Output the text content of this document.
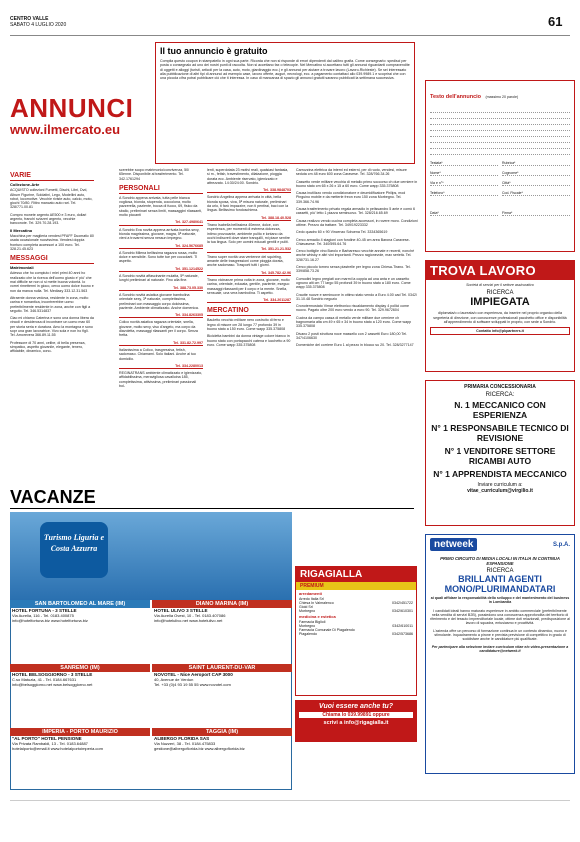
CENTRO VALLE
SABATO 4 LUGLIO 2020	61
Il tuo annuncio è gratuito
Compila questo coupon in stampatello in ogni sua parte. Ricorda che non si risponde di errori dipendenti dal calibro grafia. Come consegnarlo: spedisci per posta o consegnalo ad uno dei nostri punti di raccolta. Non si accettano fax o telecopie. Nel Mercatino si accettano tutti gli annunci riguardanti compravendite di oggetti e alloggi (turisti, articoli per la casa, auto, moto, giardinaggio ecc.) e gli annunci per aiutare a trovare lavoro (Lavoro-Richieste). Se sei interessato alla pubblicazione di altri tipi di annunci ad esempio case, lavoro offerte, auguri, necrologi, ecc. a pagamento contattaci allo 039.9989.1 e scoprirai che con una piccola cifra potrai pubblicare ciò che ti interessa. In caso di mancanza di spazio gli annunci gratuiti saranno pubblicati la settimana successiva.
ANNUNCI
www.ilmercato.eu
Testo dell'annuncio (massimo 20 parole)
Testata*	Rubrica*
Nome*	Cognome*
Via e n°*	Città*
Telefono*	Cod. Fiscale*
Data*	Firma*
VARIE
Collezione-Arte

ACQUISTO collezioni Fumetti, Dischi, Libri, Dvd, Album Figurine, Soldatini, Lego, Modellini auto, robot, locomotive. Vecchie riviste auto, calcio, moto, giochi 70/80. Ritiro mancato auto rari. Tel. 328/771.00.81

Compro monete argento AE500 e 3 euro, dollari argento, franchi svizzeri argento, vecchie banconote. Tel. 329.70.28.193.

Il Mercatino

Macchina per maglieria vendesi PFAFF Duomatic 80 usata occasionale nuovissima. Vendesi doppia fronturo completa accessori a 100 euro. Tel. 328.21.45.623

MESSAGGI
Matrimoniali

Adesso che ho compiuto i miei primi 40 anni ho realizzato che la ricerca dell'uomo giusto e' più' che mai difficile se non ci si mette buona volontà. Io vorrei rimettermi in gioco, cerco uomo dolce buono e non da manca nulla. Tel. Mediazy 333.12.31.563

Attraente donna vedova, residente in zona, molto carina e romantica, incontrerebbe uomo preferibilmente residente in zona, anche con figli a seguito. Tel. 346.5314837

Ciao mi chiamo Caterina e sono una donna libera da vincoli e desiderosa di incontrare un uomo max 60 per storia seria e duratura. Amo la montagna e sono sopr una gran lavoratrice. Vivo sola e non ho figli. Tel. Amorevera 366.89.11.55

Professore di 70 anni, celibe, di bella presenza, simpatico, aspetto giovanile, elegante, tenero, affidabile, dinamico, cono-

scerebbe scopo matrimonio/convivenza, 50/ 65enne. Disponibile al trasferimento. Tel. 342.1761294

PERSONALI

A Sondrio appena arrivata, tutta pelle bianca vogliosa, bionda, stupenda, coccolona, molto pazzerella, paziente, bocca di fuoco, 69, fisico da sballo, preliminari senza limiti, massaggini rilassanti, molto piccanti

Tel. 327.4980641

A Sondrio Eva novita appena arrivata bomba sexy, bionda magrissima, giovane, magra, 5ª naturale, vieni a trovarmi senza nessun impegno.

Tel. 324.5676685

A Sondrio Milena bellissima ragazza russa, molto dolce e sensibile. Sono tutte tue per coccolarti. Ti aspetto.

Tel. 351.1214522

A Sondrio novità affascinante mulatta, 5ª naturale, lunghi preliminari al naturale. Fino alla fine.

Tel. 388.73.05.330

A Sondrio novità asiatica giovane bambolina orientale sexy, 3ª naturale, completissima, preliminari con massaggio corpo dolcissima, paziente. Ambiente climatizzato. Anche domenica.

Tel. 334.8263305

Colico novità asiatica ragazza orientale, snella, giovane, molto sexy, viso d'angelo, ma corpo da diavoletta, massaggi rilassanti per il corpo. Senza fretta.

Tel. 331.82.72.997

Italianissima a Colico, trasgressiva, fetish, sadomaso. Chiamami. Solo italiani. Anche al tuo domicilio.

Tel. 334.2280013

REGINATRANS ambiente climatizzato e igienizzato, affidabilissima, meravigliosa cavalloina 185, completissima, attivissima, preliminari passionali bol-

lenti, superdotata 23 motivi reali, qualsiasi fantasia, sì m., fetish, travestimento, dilatazione, pioggia dorata ecc. Ambiente riservato, igienizzato e attrezzato. 14:30/24:00. Sondrio.

Tel. 338.9848703

Sondrio Angelina appena arrivata in città, bella bionda sposa, viva, 5ª misura naturale, preliminari da urlo, ti farò impazzire, non ti pentirai, baci con la lingua. Bellissimo fondoschiena.

Tel. 388.18.40.528

Tirano Isabella bellissima 40enne, dolce, con esperienza, per momenti di estrema dolcezza, intimo provocante, ambiente pulito e lontano da occhi indiscreti dove stare tranquilli, mi piace sentire la tua lingua. Solo per uomini educati gentili e puliti.

Tel. 351.21.21.532

Tirano super novità una ventenne del squirting, amante delle trasgressioni come pioggia dorata, anche sadomaso. Trasporti tutti i giorni.

Tel. 345.782.42.96

Tirano vicinanze prima volta in zona, giovane, molto carina, orientale, educata, gentile, paziente, eseguo massaggi rilassanti per il corpo e la mente. Snella, sensuale, una vera bambolina. Ti aspetto.

Tel. 334.2011287
MERCATINO

Bauletto vecchio militare nero costruito di ferro e legno di misure cm 28 lungo 77 profondo 39 in buono stato a 150 euro. Come wapp 335.375808

Bicicletta bambini da donna vintage colore bianco in buono stato con portapacchi catena e lucchetto a 90 euro. Come wapp 335.375808

Carrozzina elettrica da interni ed esterni, per di ruoto, vendesi, misure seduta cm 48 euro 600 zona Caravese. Tel. 328/766.34.26

Cassetto verde militare vecchia di metallo primo soccorso ch due cerniere in buono stato cm 65 x 26 x 15 a 60 euro. Come wapp 335.375808

Causa inutilizzo vendo condizionatore e deumidificatore Philips, mod Pinguino mobile e da metterle freon euro 150 zona Morbegno. Tel. 339.366.74.96

Causa trasferimento privato regala armadio in pelissandro 5 ante e comò 6 cassetti, più' letto 1 piazza seminuovo. Tel. 328/216.65.69

Causa realizzo vendo cucina completa accessori, in rovere moro. Condizioni ottime. Prezzo da trattare. Tel. 349/19223332

Cedo quadro 60 x 90 Vincenzo Sdruena Tel. 3334365619

Cerco armadio 4 stagioni con fondine 40-45 cm area Barona Caravese-Chiavasese. Tel. 340/595.64.76

Cerco bottiglie vino Barolo e Barbaresco vecchie annate e recenti, nonché anche whisky e altri vini importanti. Prezzo ragionevole, max serietà. Tel. 328/731.16.27

Cerco piccolo torneo senza piastrelle per legno zona Chiesa-Tirano. Tel. 339/858.73.26

Comodini legno pregiati con marmi la coppia ad una anta e un cassetto ognuno alti cm 77 largo 55 profondi 39 in buono stato a 180 euro. Come wapp 335.375808

Crautte nuove e seminuove in ottimo stato vendo a Euro 4.00 cad Tel. 0342/ 31.10.48 Sondrio negozio

Cronotermostato Vimar elettronico riscaldamento display 4 pollici come nuovo. Pagato oltre 200 euro vendo a euro 90. Tel. 329.9672604

Cucina da campo cassa di metallo verde militare due cerniere ch bagnomaria alta cm 49 x 65 x 34 in buono stato a 120 euro. Come wapp 335.375808

Divano 2 posti struttura noce massello con 2 cassetti Euro 180,00 Tel. 347/4106630

Domeniche del corriere Euro 1 al pezzo in blocco su 20. Tel. 328/3277147

TROVA LAVORO
Società di servizi per il settore assicurativo
RICERCA
IMPIEGATA
diplomata/o o laureata/o con esperienza, da inserire nel proprio organico della segreteria di direzione, con conoscenze professionali pacchetto office e disponibilità all'apprendimento di software sviluppati in proprio, con sede a Sondrio.
Contatto info@pkpartners.it
PRIMARIA CONCESSIONARIA
RICERCA:
N. 1 MECCANICO CON ESPERIENZA
N° 1 RESPONSABILE TECNICO DI REVISIONE
N° 1 VENDITORE SETTORE RICAMBI AUTO
N° 1 APPRENDISTA MECCANICO
Inviare curriculum a:
vitae_curriculum@virgilio.it
netweek	S.p.A.
PRIMO CIRCUITO DI MEDIA LOCALI IN ITALIA IN CONTINUA ESPANSIONE
RICERCA
BRILLANTI AGENTI MONO/PLURIMANDATARI
ai quali affidare la responsabilità dello sviluppo e del mantenimento del business in Lombardia
I candidati ideali hanno maturato esperienze in ambito commerciale (preferibilmente nella vendita di servizi B2B), possiedono una conoscenza approfondita del territorio di riferimento e del tessuto imprenditoriale locale, ottime doti relazionali, predisposizione al lavoro di squadra, entusiasmo e proattività.
L'azienda offre un percorso di formazione continua in un contesto dinamico, nuovo e stimolante. Inquadramento a pirone e prevista previsione di competitivo in grado di soddisfare anche le candidature più qualificate.
Per partecipare alla selezione inviare curriculum vitae e/o video-presentazione a candidature@netweek.it
VACANZE
Turismo Liguria e Costa Azzurra
SAN BARTOLOMEO AL MARE (IM)
HOTEL FORTUNA - 3 STELLE
Via Aurelia, 116 - Tel. 0183.400875
info@hotelfortuna.biz www.hotelfortuna.biz
DIANO MARINA (IM)
HOTEL ULIVO 3 STELLE
Via Aurelia Ovest, 10 - Tel. 0183.407086
info@hotelulivo.net www.hotelulivo.net
SANREMO (IM)
HOTEL BELSOGGIORNO - 3 STELLE
C.so Matuzia, 41 - Tel. 0184.667631
info@belsoggiorno.net www.belsoggiorno.net
SAINT LAURENT-DU-VAR
NOVOTEL - Nice Aeroport CAP 3000
40, Avenue de Verdun
Tel. +33 (0)4 93 19 55 55 www.novotel.com
IMPERIA - PORTO MAURIZIO
"AL PORTO" HOTEL PENSIONE
Via Privata Rambaldi, 13 - Tel. 0183.64887
hotelalporto@email.it www.hotelalportoimperia.com
TAGGIA (IM)
ALBERGO FLORIDA SAS
Via Nuzzeri, 38 - Tel. 0184.475833
gestione@albergoflorida.biz www.albergoflorida.biz
RIGAGIALLA
PREMIUM
arredamenti
Arredo Italia Srl
Chiesa In Valmalenco	0342/451722
Gioid Srl
Morbegno	0342/610301
medicina e estetica
Farmacia Biglioli
Morbegno	0342/610011
Farmacia Comunale Di Piagalendo
Piagalendo	0342/573686
Vuoi essere anche tu?
Chiama lo 039.99891 oppure
scrivi a info@rigagialla.it
